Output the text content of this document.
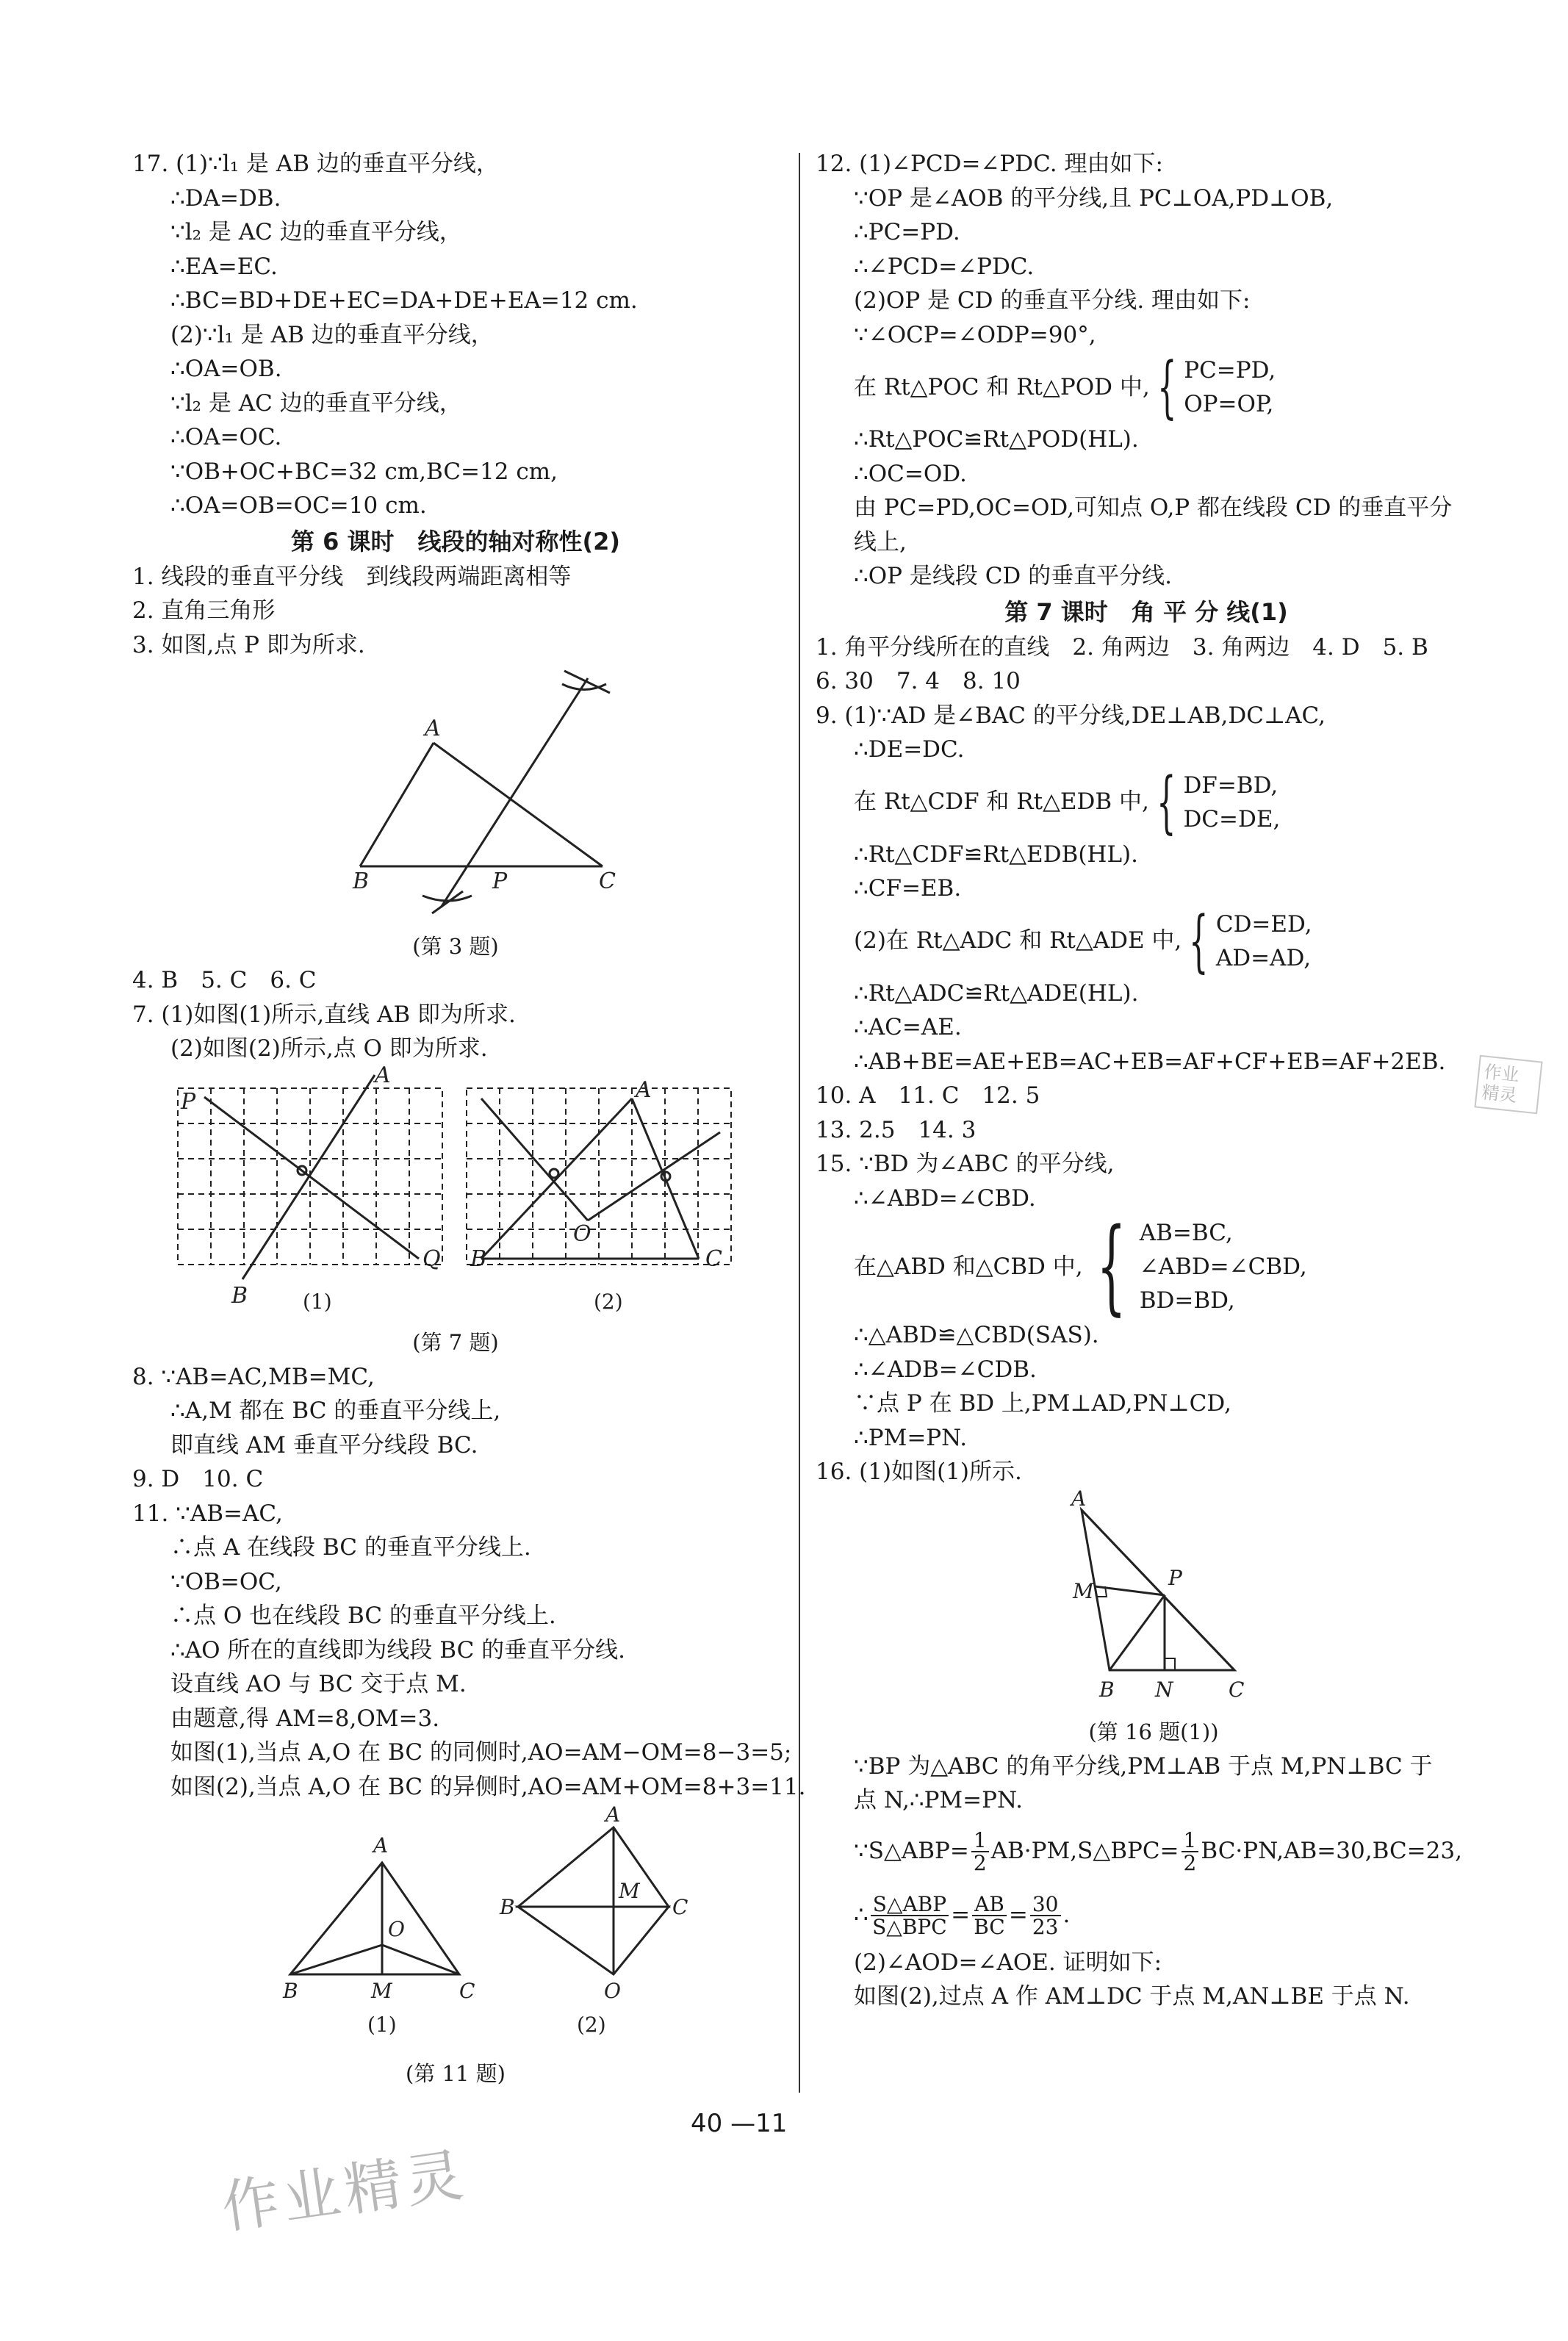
17. (1)∵l₁ 是 AB 边的垂直平分线，
∴DA=DB.
∵l₂ 是 AC 边的垂直平分线，
∴EA=EC.
∴BC=BD+DE+EC=DA+DE+EA=12 cm.
(2)∵l₁ 是 AB 边的垂直平分线，
∴OA=OB.
∵l₂ 是 AC 边的垂直平分线，
∴OA=OC.
∵OB+OC+BC=32 cm,BC=12 cm,
∴OA=OB=OC=10 cm.
第 6 课时　线段的轴对称性(2)
1. 线段的垂直平分线　到线段两端距离相等
2. 直角三角形
3. 如图,点 P 即为所求.
A
B	P	C
(第 3 题)
4. B　5. C　6. C
7. (1)如图(1)所示,直线 AB 即为所求.
(2)如图(2)所示,点 O 即为所求.
P
A
Q
B
A
O
B	C
(1)	(2)
(第 7 题)
8. ∵AB=AC,MB=MC,
∴A,M 都在 BC 的垂直平分线上,
即直线 AM 垂直平分线段 BC.
9. D　10. C
11. ∵AB=AC,
∴点 A 在线段 BC 的垂直平分线上.
∵OB=OC,
∴点 O 也在线段 BC 的垂直平分线上.
∴AO 所在的直线即为线段 BC 的垂直平分线.
设直线 AO 与 BC 交于点 M.
由题意,得 AM=8,OM=3.
如图(1),当点 A,O 在 BC 的同侧时,AO=AM−OM=8−3=5;
如图(2),当点 A,O 在 BC 的异侧时,AO=AM+OM=8+3=11.
A
O
B	M	C
A
B
M
C
O
(1)	(2)
(第 11 题)
12. (1)∠PCD=∠PDC. 理由如下:
∵OP 是∠AOB 的平分线,且 PC⊥OA,PD⊥OB,
∴PC=PD.
∴∠PCD=∠PDC.
(2)OP 是 CD 的垂直平分线. 理由如下:
∵∠OCP=∠ODP=90°,
在 Rt△POC 和 Rt△POD 中, { PC=PD,
OP=OP,
∴Rt△POC≌Rt△POD(HL).
∴OC=OD.
由 PC=PD,OC=OD,可知点 O,P 都在线段 CD 的垂直平分
线上,
∴OP 是线段 CD 的垂直平分线.
第 7 课时　角 平 分 线(1)
1. 角平分线所在的直线　2. 角两边　3. 角两边　4. D　5. B
6. 30　7. 4　8. 10
9. (1)∵AD 是∠BAC 的平分线,DE⊥AB,DC⊥AC,
∴DE=DC.
在 Rt△CDF 和 Rt△EDB 中, { DF=BD,
DC=DE,
∴Rt△CDF≌Rt△EDB(HL).
∴CF=EB.
(2)在 Rt△ADC 和 Rt△ADE 中, { CD=ED,
AD=AD,
∴Rt△ADC≌Rt△ADE(HL).
∴AC=AE.
∴AB+BE=AE+EB=AC+EB=AF+CF+EB=AF+2EB.
10. A　11. C　12. 5
13. 2.5　14. 3
15. ∵BD 为∠ABC 的平分线,
∴∠ABD=∠CBD.
在△ABD 和△CBD 中, { AB=BC,
∠ABD=∠CBD,
BD=BD,
∴△ABD≌△CBD(SAS).
∴∠ADB=∠CDB.
∵点 P 在 BD 上,PM⊥AD,PN⊥CD,
∴PM=PN.
16. (1)如图(1)所示.
A
P
M
B N	C
(第 16 题(1))
∵BP 为△ABC 的角平分线,PM⊥AB 于点 M,PN⊥BC 于
点 N,∴PM=PN.
∵S△ABP= $\frac{1}{2}$ AB·PM,S△BPC= $\frac{1}{2} BC\cdot PN,AB=30,BC=23$,
∴ $\frac{\text{S△ABP}}{\text{S△BPC}} = \frac{AB}{BC} = \frac{30}{23}$ .
(2)∠AOD=∠AOE. 证明如下:
如图(2),过点 A 作 AM⊥DC 于点 M,AN⊥BE 于点 N.
40 —11
作业精灵
作业精灵
